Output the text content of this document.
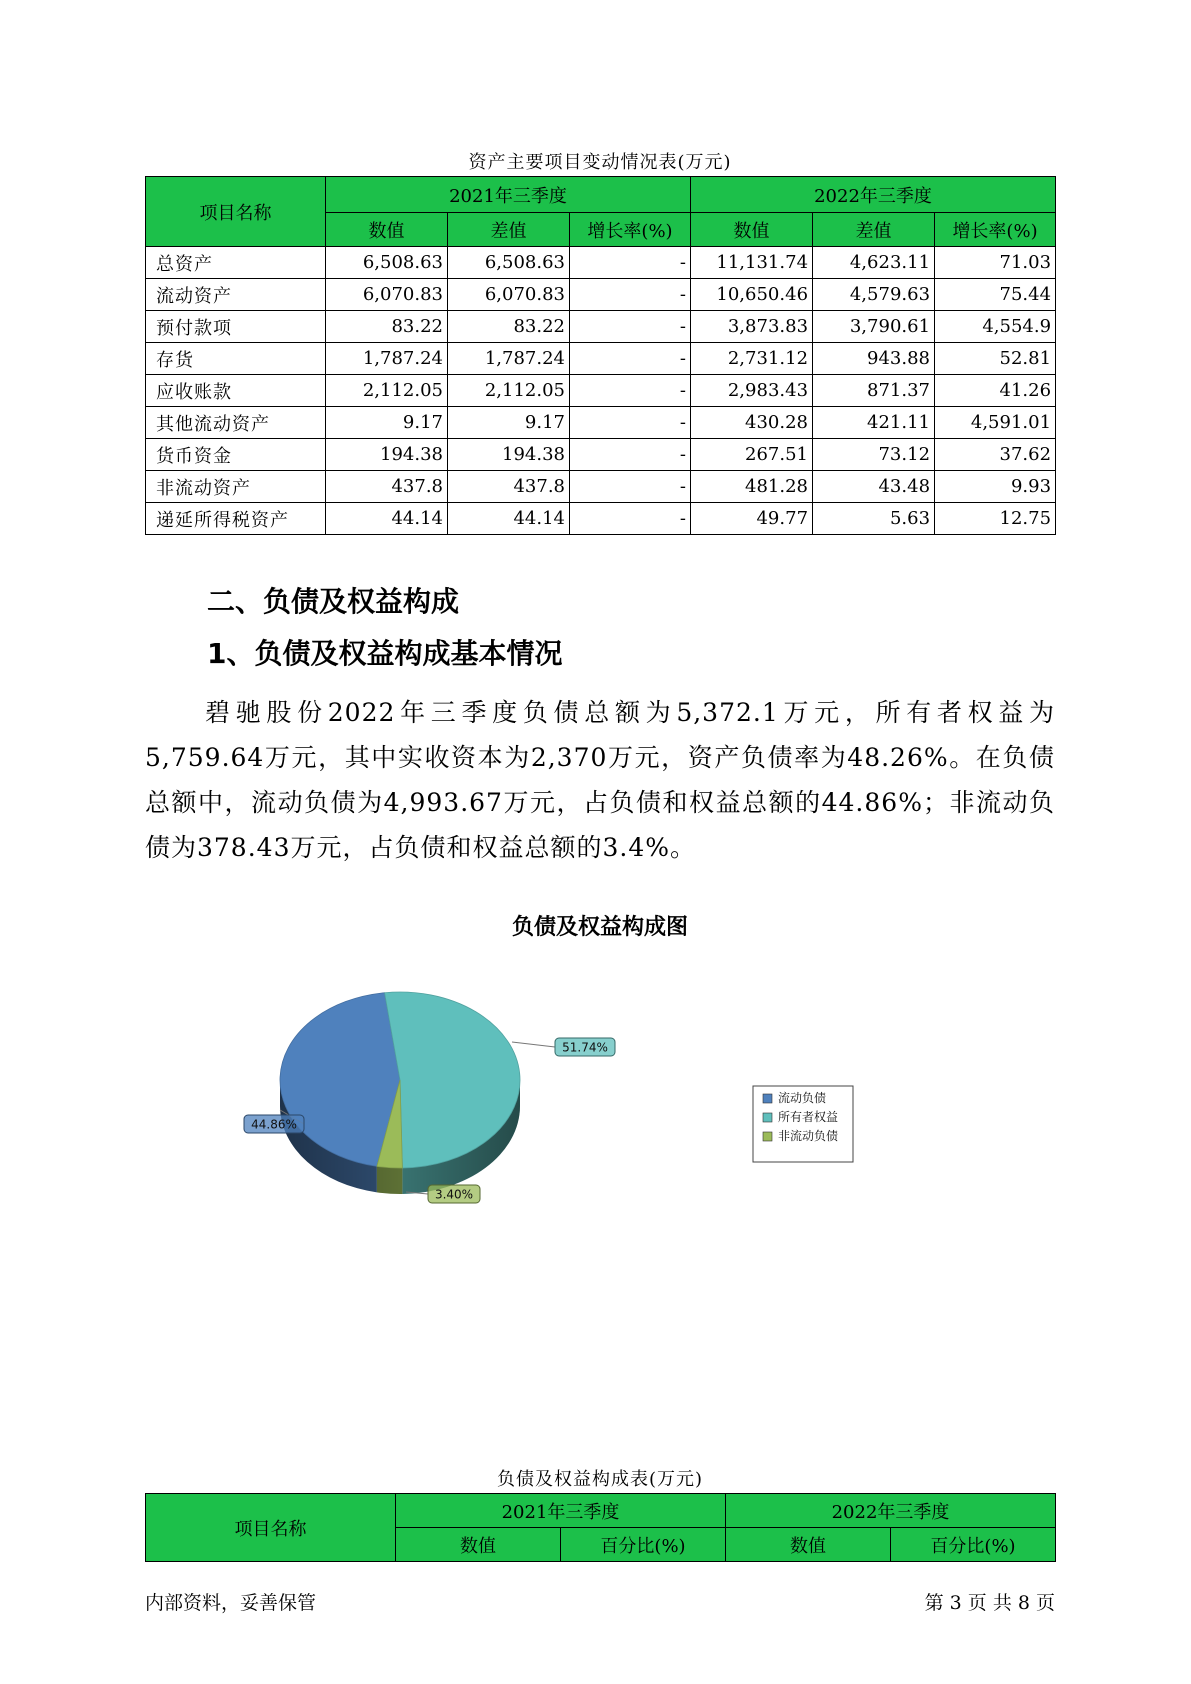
资产主要项目变动情况表(万元)
项目名称	2021年三季度			2022年三季度		
	数值	差值	增长率(%)	数值	差值	增长率(%)
总资产	6,508.63	6,508.63	-	11,131.74	4,623.11	71.03
流动资产	6,070.83	6,070.83	-	10,650.46	4,579.63	75.44
预付款项	83.22	83.22	-	3,873.83	3,790.61	4,554.9
存货	1,787.24	1,787.24	-	2,731.12	943.88	52.81
应收账款	2,112.05	2,112.05	-	2,983.43	871.37	41.26
其他流动资产	9.17	9.17	-	430.28	421.11	4,591.01
货币资金	194.38	194.38	-	267.51	73.12	37.62
非流动资产	437.8	437.8	-	481.28	43.48	9.93
递延所得税资产	44.14	44.14	-	49.77	5.63	12.75
二、负债及权益构成
1、负债及权益构成基本情况
碧驰股份2022年三季度负债总额为5,372.1万元，所有者权益为5,759.64万元，其中实收资本为2,370万元，资产负债率为48.26%。在负债总额中，流动负债为4,993.67万元，占负债和权益总额的44.86%；非流动负债为378.43万元，占负债和权益总额的3.4%。
负债及权益构成图
44.86%
51.74%
3.40%
流动负债
所有者权益
非流动负债
负债及权益构成表(万元)
项目名称	2021年三季度		2022年三季度	
	数值	百分比(%)	数值	百分比(%)
内部资料，妥善保管	第 3 页 共 8 页
